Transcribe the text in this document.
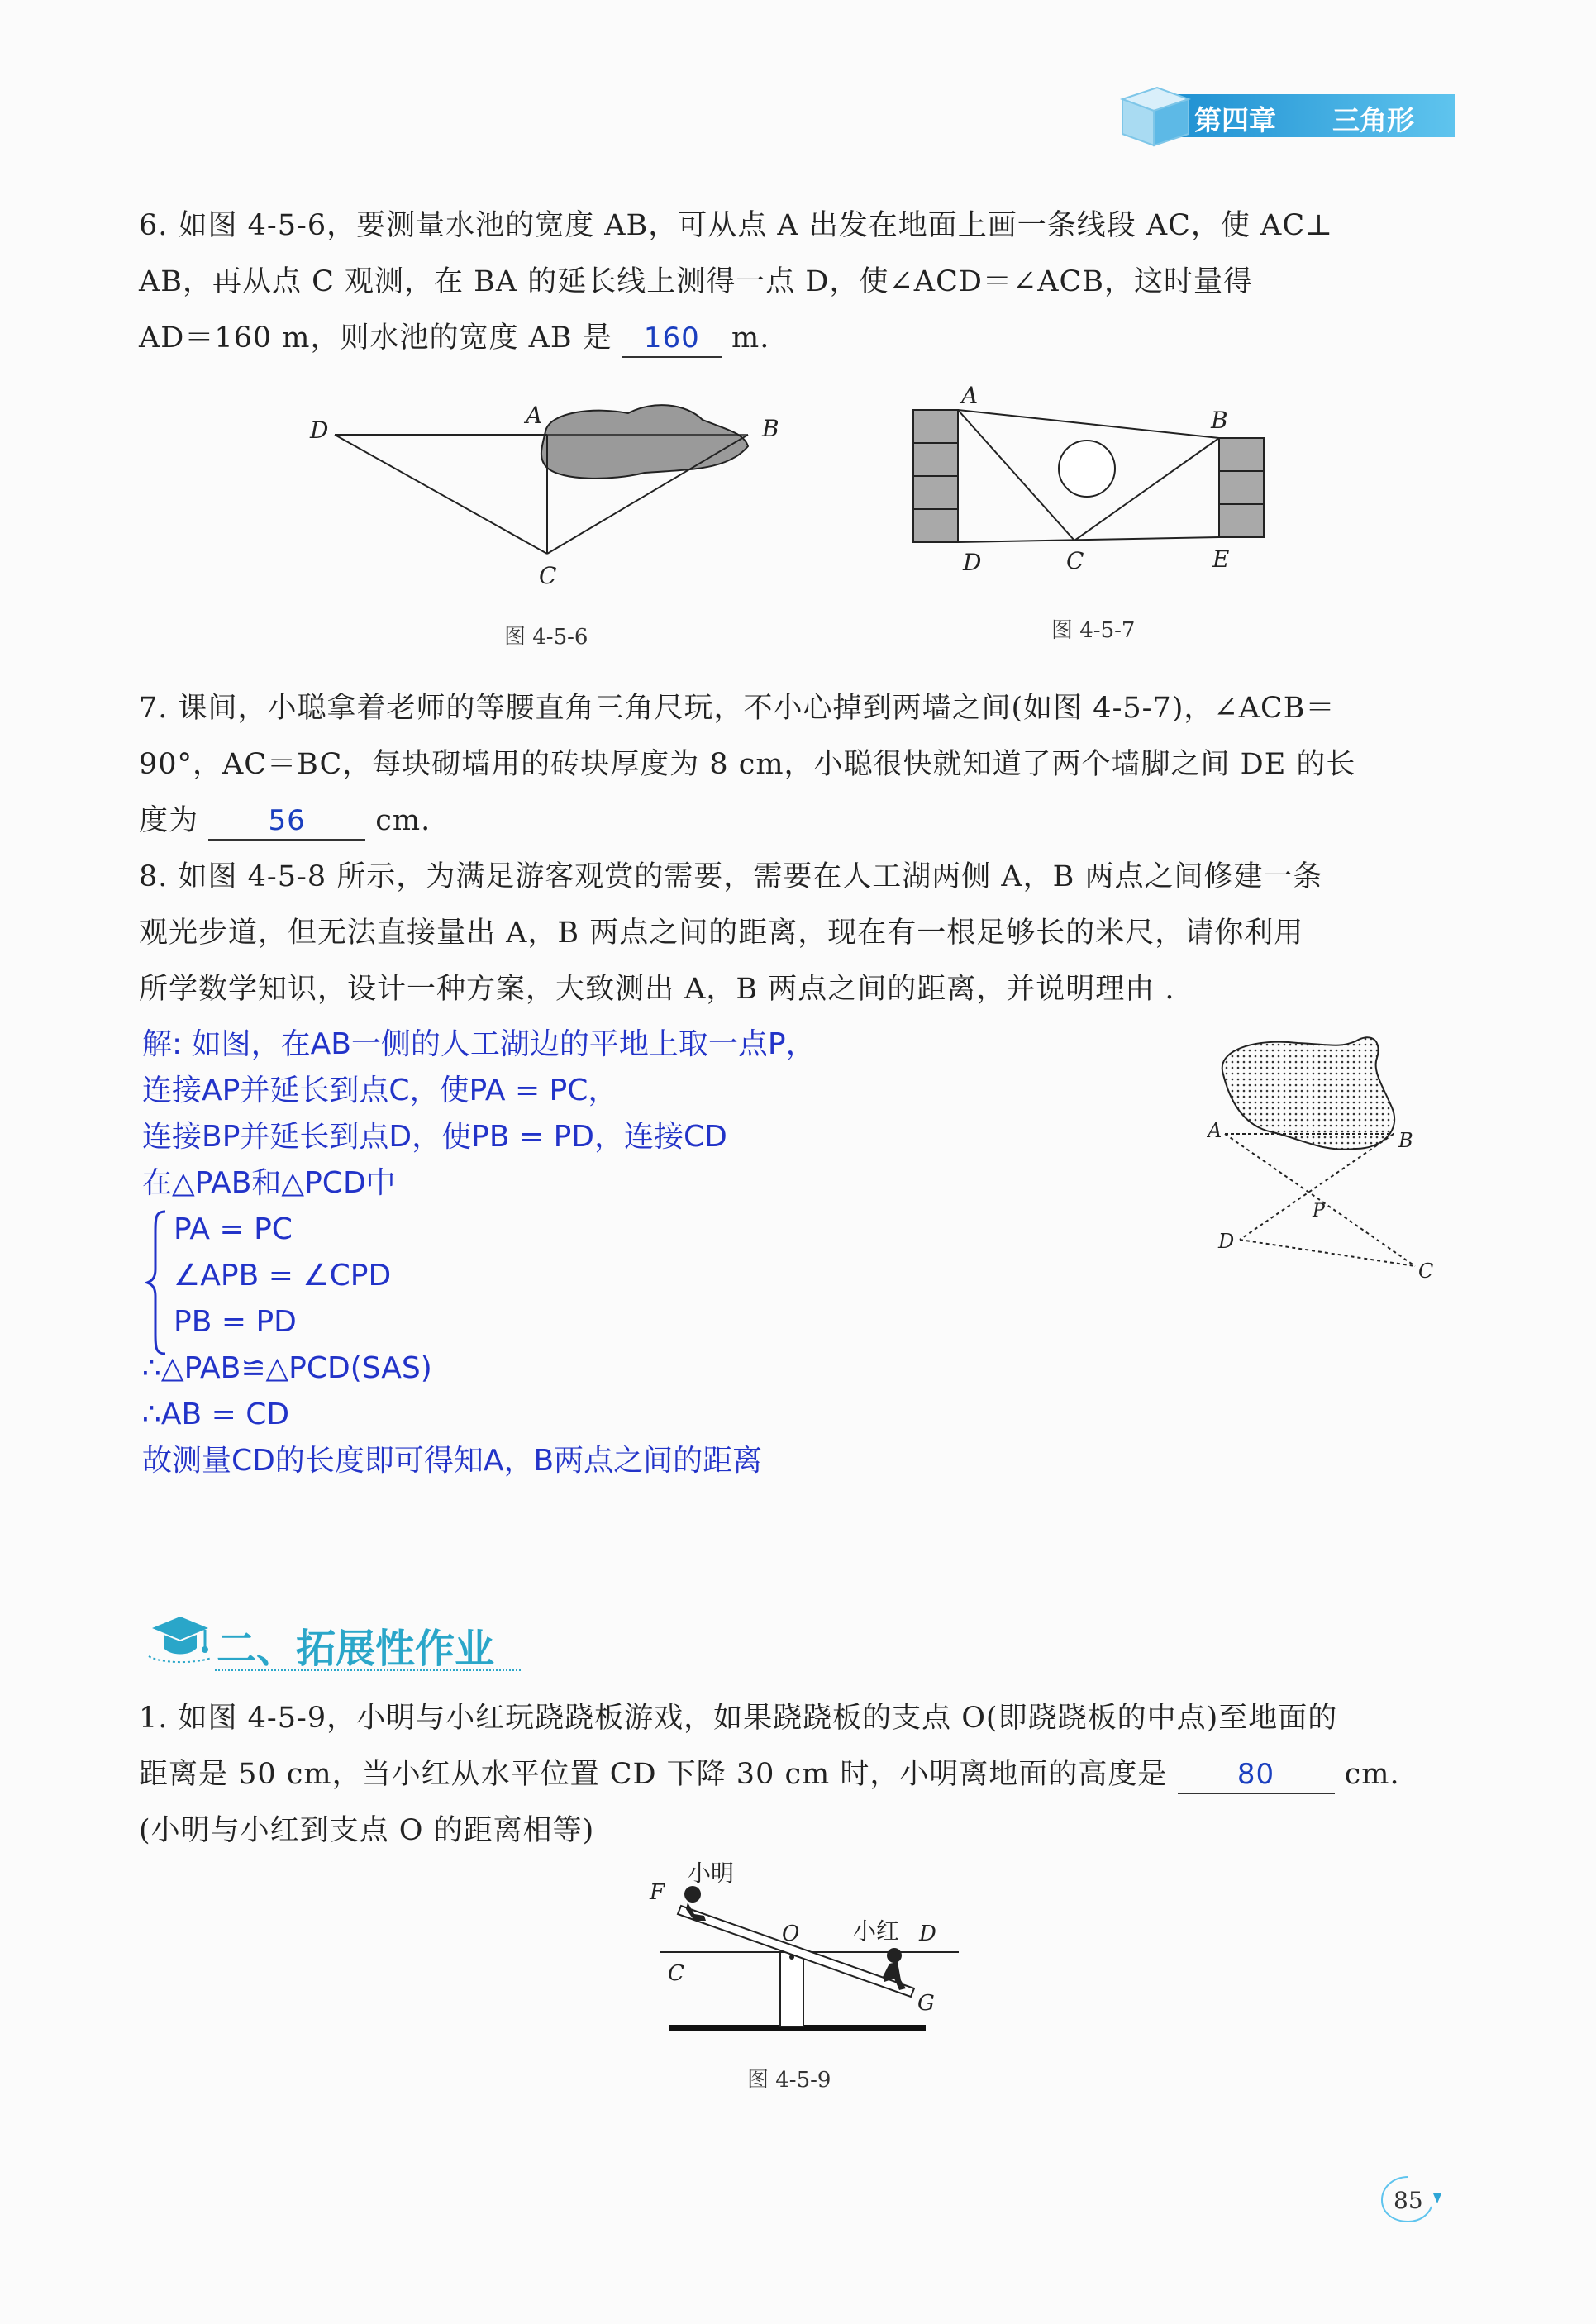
第四章 三角形
6. 如图 4-5-6，要测量水池的宽度 AB，可从点 A 出发在地面上画一条线段 AC，使 AC⊥
AB，再从点 C 观测，在 BA 的延长线上测得一点 D，使∠ACD＝∠ACB，这时量得
AD＝160 m，则水池的宽度 AB 是 160 m.
D
A	B
C
图 4-5-6
A
B
D	C	E
图 4-5-7
7. 课间，小聪拿着老师的等腰直角三角尺玩，不小心掉到两墙之间(如图 4-5-7)，∠ACB＝
90°，AC＝BC，每块砌墙用的砖块厚度为 8 cm，小聪很快就知道了两个墙脚之间 DE 的长
度为 56 cm.
8. 如图 4-5-8 所示，为满足游客观赏的需要，需要在人工湖两侧 A，B 两点之间修建一条
观光步道，但无法直接量出 A，B 两点之间的距离，现在有一根足够长的米尺，请你利用
所学数学知识，设计一种方案，大致测出 A，B 两点之间的距离，并说明理由 .
解: 如图，在AB一侧的人工湖边的平地上取一点P，
连接AP并延长到点C，使PA = PC，
连接BP并延长到点D，使PB = PD，连接CD
在△PAB和△PCD中
PA = PC
∠APB = ∠CPD
PB = PD
∴△PAB≌△PCD(SAS)
∴AB = CD
故测量CD的长度即可得知A，B两点之间的距离
A	B
P
D
C
二、拓展性作业
1. 如图 4-5-9，小明与小红玩跷跷板游戏，如果跷跷板的支点 O(即跷跷板的中点)至地面的
距离是 50 cm，当小红从水平位置 CD 下降 30 cm 时，小明离地面的高度是 80 cm.
(小明与小红到支点 O 的距离相等)
小明
F
O 小红 D
C
G
图 4-5-9
85
